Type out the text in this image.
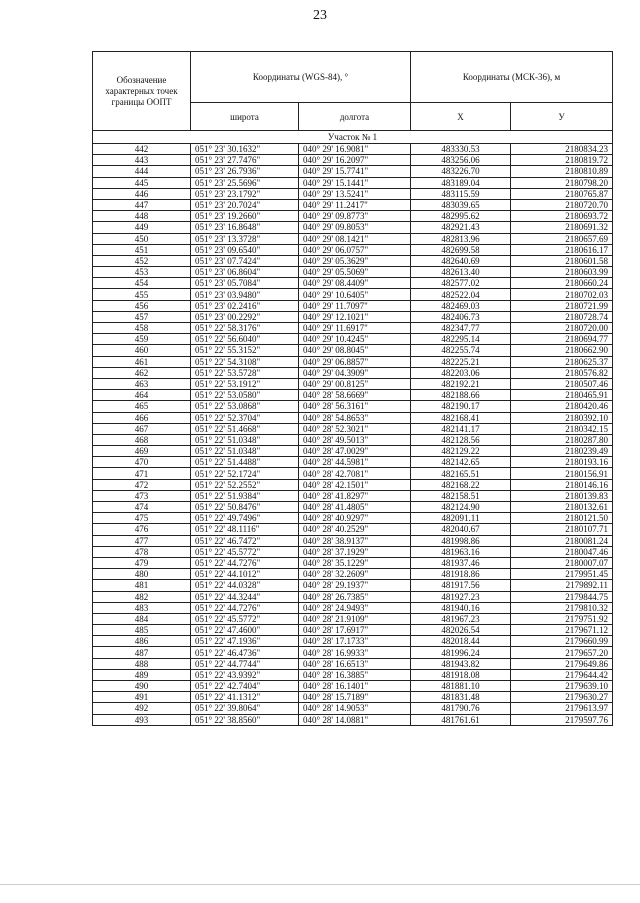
23
Обозначение характерных точек границы ООПТ	Координаты (WGS-84), °		Координаты (МСК-36), м	
	широта	долгота	X	У
Участок № 1				
442	051° 23' 30.1632"	040° 29' 16.9081"	483330.53	2180834.23
443	051° 23' 27.7476"	040° 29' 16.2097"	483256.06	2180819.72
444	051° 23' 26.7936"	040° 29' 15.7741"	483226.70	2180810.89
445	051° 23' 25.5696"	040° 29' 15.1441"	483189.04	2180798.20
446	051° 23' 23.1792"	040° 29' 13.5241"	483115.59	2180765.87
447	051° 23' 20.7024"	040° 29' 11.2417"	483039.65	2180720.70
448	051° 23' 19.2660"	040° 29' 09.8773"	482995.62	2180693.72
449	051° 23' 16.8648"	040° 29' 09.8053"	482921.43	2180691.32
450	051° 23' 13.3728"	040° 29' 08.1421"	482813.96	2180657.69
451	051° 23' 09.6540"	040° 29' 06.0757"	482699.58	2180616.17
452	051° 23' 07.7424"	040° 29' 05.3629"	482640.69	2180601.58
453	051° 23' 06.8604"	040° 29' 05.5069"	482613.40	2180603.99
454	051° 23' 05.7084"	040° 29' 08.4409"	482577.02	2180660.24
455	051° 23' 03.9480"	040° 29' 10.6405"	482522.04	2180702.03
456	051° 23' 02.2416"	040° 29' 11.7097"	482469.03	2180721.99
457	051° 23' 00.2292"	040° 29' 12.1021"	482406.73	2180728.74
458	051° 22' 58.3176"	040° 29' 11.6917"	482347.77	2180720.00
459	051° 22' 56.6040"	040° 29' 10.4245"	482295.14	2180694.77
460	051° 22' 55.3152"	040° 29' 08.8045"	482255.74	2180662.90
461	051° 22' 54.3108"	040° 29' 06.8857"	482225.21	2180625.37
462	051° 22' 53.5728"	040° 29' 04.3909"	482203.06	2180576.82
463	051° 22' 53.1912"	040° 29' 00.8125"	482192.21	2180507.46
464	051° 22' 53.0580"	040° 28' 58.6669"	482188.66	2180465.91
465	051° 22' 53.0868"	040° 28' 56.3161"	482190.17	2180420.46
466	051° 22' 52.3704"	040° 28' 54.8653"	482168.41	2180392.10
467	051° 22' 51.4668"	040° 28' 52.3021"	482141.17	2180342.15
468	051° 22' 51.0348"	040° 28' 49.5013"	482128.56	2180287.80
469	051° 22' 51.0348"	040° 28' 47.0029"	482129.22	2180239.49
470	051° 22' 51.4488"	040° 28' 44.5981"	482142.65	2180193.16
471	051° 22' 52.1724"	040° 28' 42.7081"	482165.51	2180156.91
472	051° 22' 52.2552"	040° 28' 42.1501"	482168.22	2180146.16
473	051° 22' 51.9384"	040° 28' 41.8297"	482158.51	2180139.83
474	051° 22' 50.8476"	040° 28' 41.4805"	482124.90	2180132.61
475	051° 22' 49.7496"	040° 28' 40.9297"	482091.11	2180121.50
476	051° 22' 48.1116"	040° 28' 40.2529"	482040.67	2180107.71
477	051° 22' 46.7472"	040° 28' 38.9137"	481998.86	2180081.24
478	051° 22' 45.5772"	040° 28' 37.1929"	481963.16	2180047.46
479	051° 22' 44.7276"	040° 28' 35.1229"	481937.46	2180007.07
480	051° 22' 44.1012"	040° 28' 32.2609"	481918.86	2179951.45
481	051° 22' 44.0328"	040° 28' 29.1937"	481917.56	2179892.11
482	051° 22' 44.3244"	040° 28' 26.7385"	481927.23	2179844.75
483	051° 22' 44.7276"	040° 28' 24.9493"	481940.16	2179810.32
484	051° 22' 45.5772"	040° 28' 21.9109"	481967.23	2179751.92
485	051° 22' 47.4600"	040° 28' 17.6917"	482026.54	2179671.12
486	051° 22' 47.1936"	040° 28' 17.1733"	482018.44	2179660.99
487	051° 22' 46.4736"	040° 28' 16.9933"	481996.24	2179657.20
488	051° 22' 44.7744"	040° 28' 16.6513"	481943.82	2179649.86
489	051° 22' 43.9392"	040° 28' 16.3885"	481918.08	2179644.42
490	051° 22' 42.7404"	040° 28' 16.1401"	481881.10	2179639.10
491	051° 22' 41.1312"	040° 28' 15.7189"	481831.48	2179630.27
492	051° 22' 39.8064"	040° 28' 14.9053"	481790.76	2179613.97
493	051° 22' 38.8560"	040° 28' 14.0881"	481761.61	2179597.76
